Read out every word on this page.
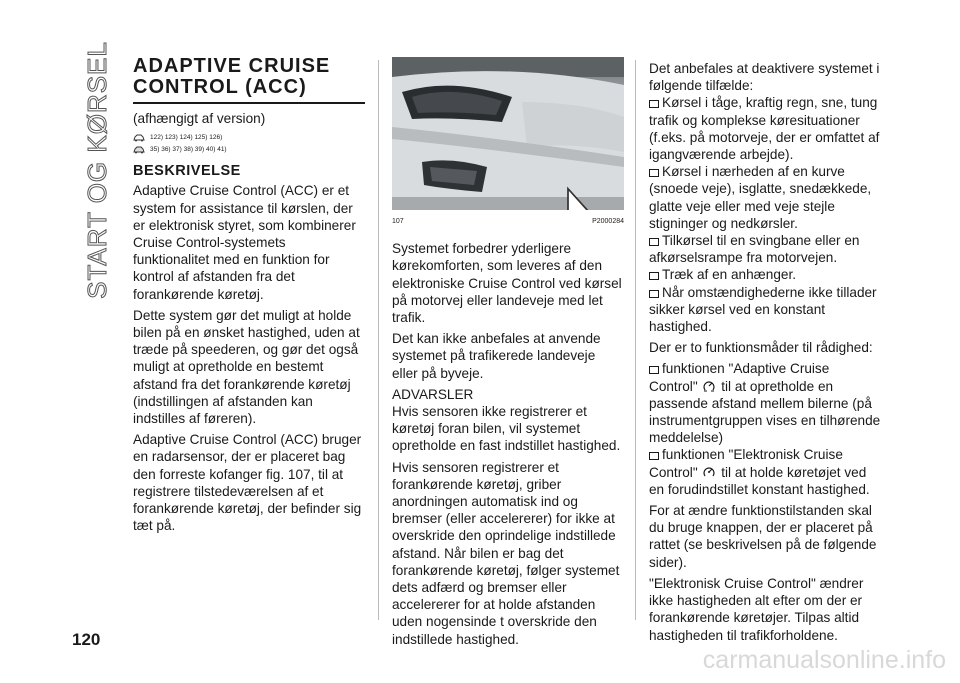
START OG KØRSEL
120
ADAPTIVE CRUISE
CONTROL (ACC)

(afhængigt af version)

122) 123) 124) 125) 126)
35) 36) 37) 38) 39) 40) 41)
BESKRIVELSE

Adaptive Cruise Control (ACC) er et system for assistance til kørslen, der er elektronisk styret, som kombinerer Cruise Control-systemets funktionalitet med en funktion for kontrol af afstanden fra det forankørende køretøj.

Dette system gør det muligt at holde bilen på en ønsket hastighed, uden at træde på speederen, og gør det også muligt at opretholde en bestemt afstand fra det forankørende køretøj (indstillingen af afstanden kan indstilles af føreren).

Adaptive Cruise Control (ACC) bruger en radarsensor, der er placeret bag den forreste kofanger fig. 107, til at registrere tilstedeværelsen af et forankørende køretøj, der befinder sig tæt på.

107	P2000284

Systemet forbedrer yderligere kørekomforten, som leveres af den elektroniske Cruise Control ved kørsel på motorvej eller landeveje med let trafik.

Det kan ikke anbefales at anvende systemet på trafikerede landeveje eller på byveje.

ADVARSLER

Hvis sensoren ikke registrerer et køretøj foran bilen, vil systemet opretholde en fast indstillet hastighed.

Hvis sensoren registrerer et forankørende køretøj, griber anordningen automatisk ind og bremser (eller accelererer) for ikke at overskride den oprindelige indstillede afstand. Når bilen er bag det forankørende køretøj, følger systemet dets adfærd og bremser eller accelererer for at holde afstanden uden nogensinde t overskride den indstillede hastighed.

Det anbefales at deaktivere systemet i følgende tilfælde:

Kørsel i tåge, kraftig regn, sne, tung trafik og komplekse køresituationer (f.eks. på motorveje, der er omfattet af igangværende arbejde).

Kørsel i nærheden af en kurve (snoede veje), isglatte, snedækkede, glatte veje eller med veje stejle stigninger og nedkørsler.

Tilkørsel til en svingbane eller en afkørselsrampe fra motorvejen.

Træk af en anhænger.

Når omstændighederne ikke tillader sikker kørsel ved en konstant hastighed.

Der er to funktionsmåder til rådighed:

funktionen "Adaptive Cruise Control" til at opretholde en passende afstand mellem bilerne (på instrumentgruppen vises en tilhørende meddelelse)

funktionen "Elektronisk Cruise Control" til at holde køretøjet ved en forudindstillet konstant hastighed.

For at ændre funktionstilstanden skal du bruge knappen, der er placeret på rattet (se beskrivelsen på de følgende sider).

"Elektronisk Cruise Control" ændrer ikke hastigheden alt efter om der er forankørende køretøjer. Tilpas altid hastigheden til trafikforholdene.

carmanualsonline.info
